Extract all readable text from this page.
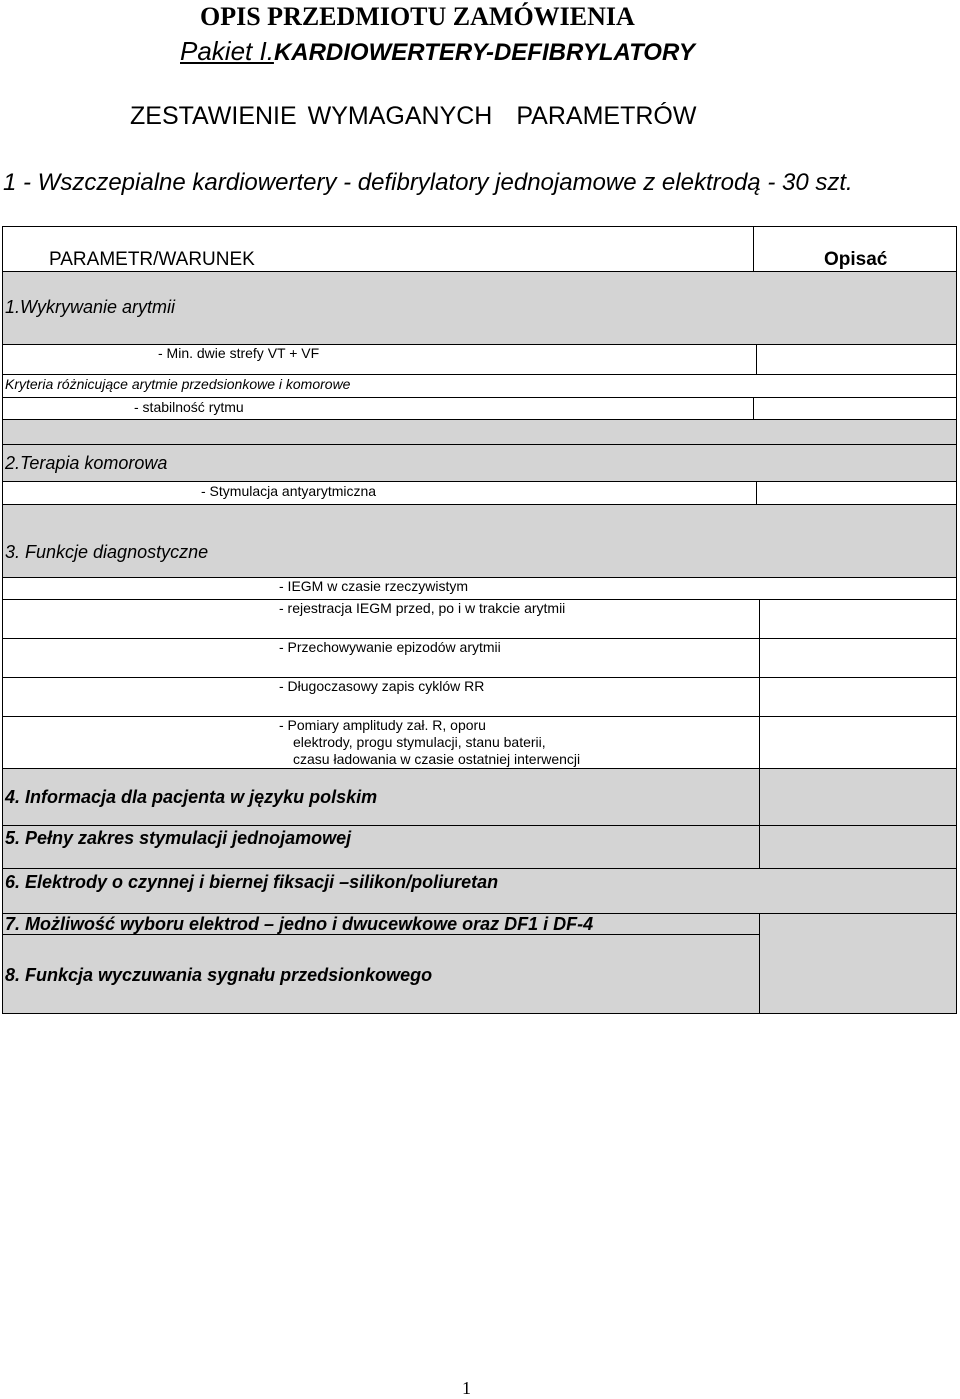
OPIS PRZEDMIOTU ZAMÓWIENIA
Pakiet I.KARDIOWERTERY-DEFIBRYLATORY
ZESTAWIENIE WYMAGANYCH PARAMETRÓW
1 - Wszczepialne kardiowertery - defibrylatory jednojamowe z elektrodą - 30 szt.
PARAMETR/WARUNEK	Opisać
1.Wykrywanie arytmii
- Min. dwie strefy VT + VF
Kryteria różnicujące arytmie przedsionkowe i komorowe
- stabilność rytmu
2.Terapia komorowa
- Stymulacja antyarytmiczna
3. Funkcje diagnostyczne
- IEGM w czasie rzeczywistym
- rejestracja IEGM przed, po i w trakcie arytmii
- Przechowywanie epizodów arytmii
- Długoczasowy zapis cyklów RR
- Pomiary amplitudy zał. R, oporu
elektrody, progu stymulacji, stanu baterii,
czasu ładowania w czasie ostatniej interwencji
4. Informacja dla pacjenta w języku polskim
5. Pełny zakres stymulacji jednojamowej
6. Elektrody o czynnej i biernej fiksacji –silikon/poliuretan
7. Możliwość wyboru elektrod – jedno i dwucewkowe oraz DF1 i DF-4
8. Funkcja wyczuwania sygnału przedsionkowego
1
